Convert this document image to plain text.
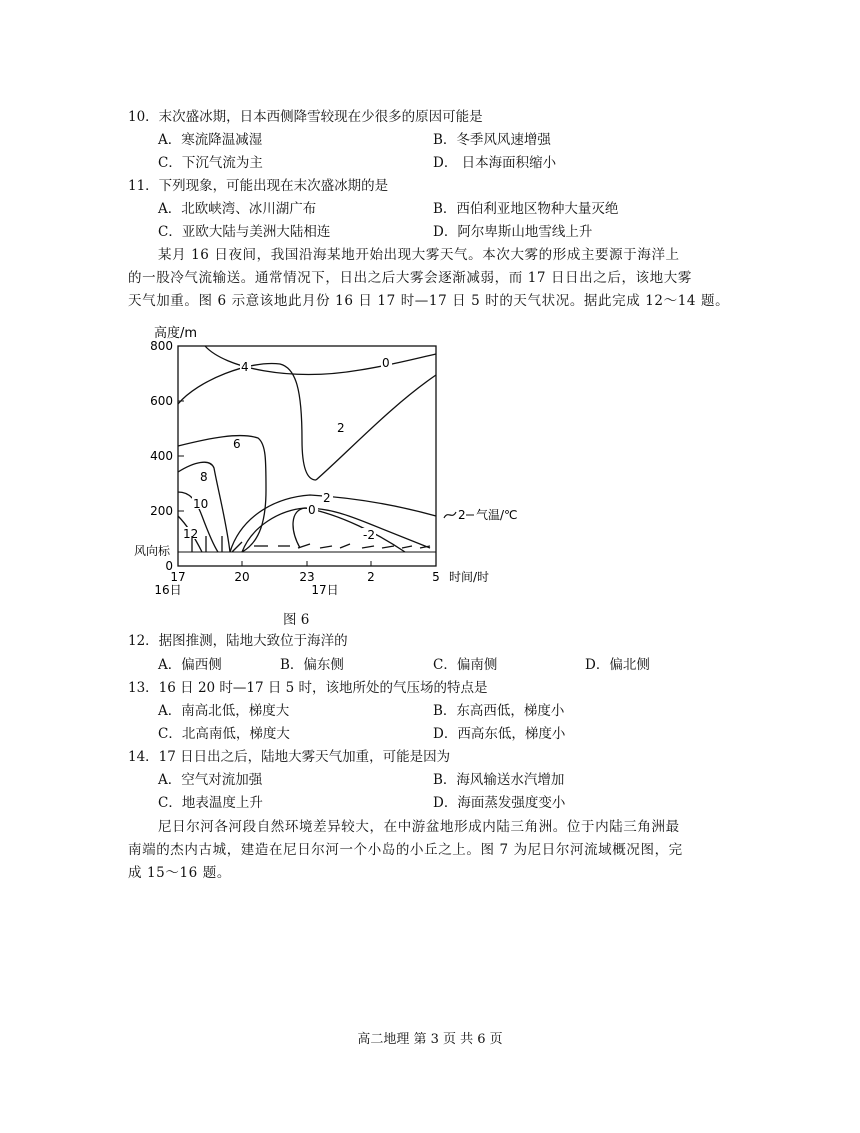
10．末次盛冰期，日本西侧降雪较现在少很多的原因可能是
A．寒流降温减湿	B．冬季风风速增强
C．下沉气流为主	D． 日本海面积缩小
11．下列现象，可能出现在末次盛冰期的是
A．北欧峡湾、冰川湖广布	B．西伯利亚地区物种大量灭绝
C．亚欧大陆与美洲大陆相连	D．阿尔卑斯山地雪线上升
某月 16 日夜间，我国沿海某地开始出现大雾天气。本次大雾的形成主要源于海洋上
的一股冷气流输送。通常情况下，日出之后大雾会逐渐减弱，而 17 日日出之后，该地大雾
天气加重。图 6 示意该地此月份 16 日 17 时—17 日 5 时的天气状况。据此完成 12～14 题。
高度/m
800
600
400
200
0
17	20	23	2	5 时间/时
16日	17日
风向标
0
4
2
6
8
10
12
2
0
-2
2 气温/℃
图 6
12．据图推测，陆地大致位于海洋的
A．偏西侧	B．偏东侧	C．偏南侧	D．偏北侧
13．16 日 20 时—17 日 5 时，该地所处的气压场的特点是
A．南高北低，梯度大	B．东高西低，梯度小
C．北高南低，梯度大	D．西高东低，梯度小
14．17 日日出之后，陆地大雾天气加重，可能是因为
A．空气对流加强	B．海风输送水汽增加
C．地表温度上升	D．海面蒸发强度变小
尼日尔河各河段自然环境差异较大，在中游盆地形成内陆三角洲。位于内陆三角洲最
南端的杰内古城，建造在尼日尔河一个小岛的小丘之上。图 7 为尼日尔河流域概况图，完
成 15～16 题。
高二地理 第 3 页 共 6 页
